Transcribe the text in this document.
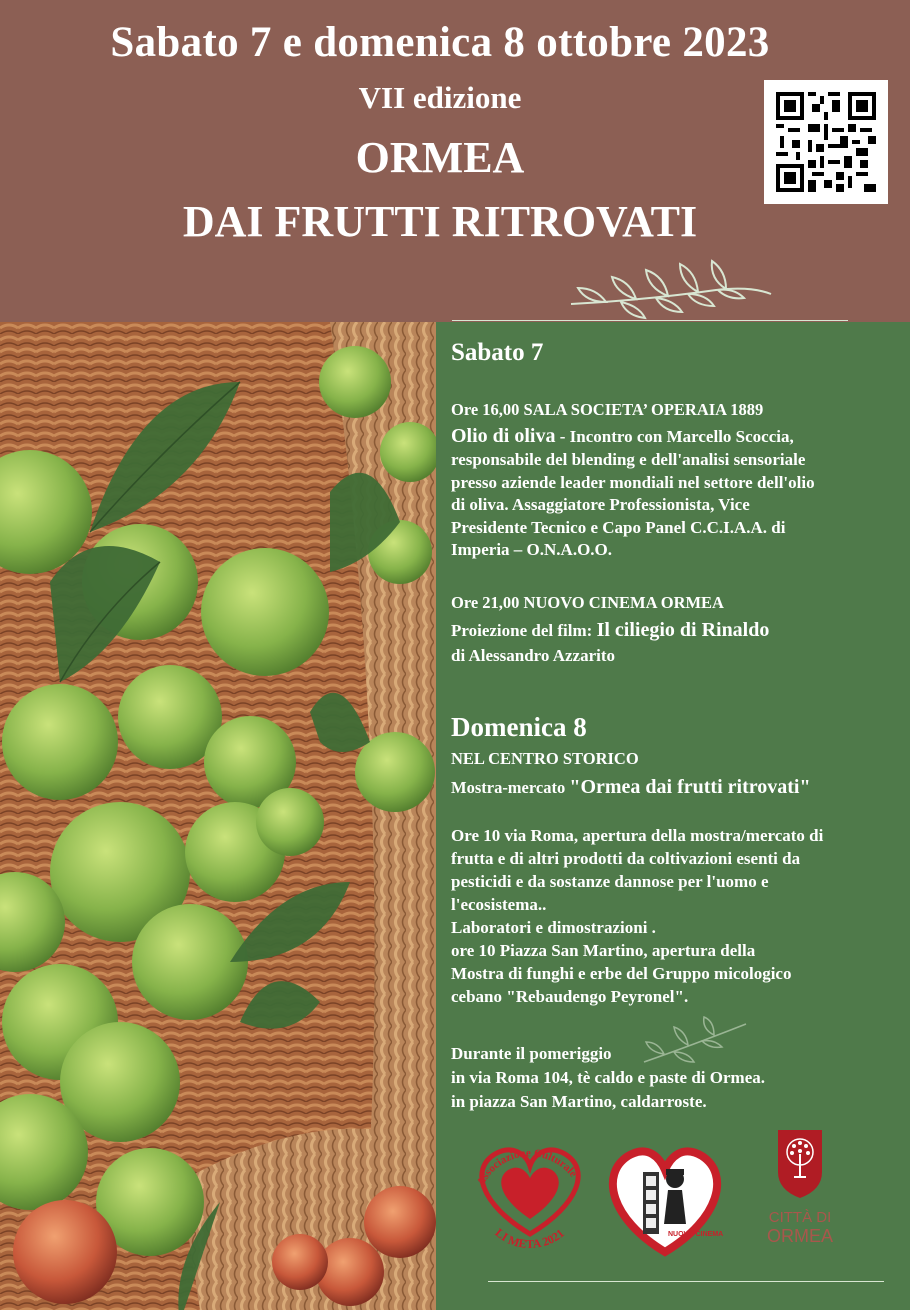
Sabato 7 e domenica 8 ottobre 2023
VII edizione
ORMEA
DAI FRUTTI RITROVATI
Sabato 7
Ore 16,00 SALA SOCIETA’ OPERAIA 1889
Olio di oliva - Incontro con Marcello Scoccia,
responsabile del blending e dell'analisi sensoriale
presso aziende leader mondiali nel settore dell'olio
di oliva. Assaggiatore Professionista, Vice
Presidente Tecnico e Capo Panel C.C.I.A.A. di
Imperia – O.N.A.O.O.
Ore 21,00 NUOVO CINEMA ORMEA
Proiezione del film: Il ciliegio di Rinaldo
di Alessandro Azzarito
Domenica 8
NEL CENTRO STORICO
Mostra-mercato "Ormea dai frutti ritrovati"
Ore 10 via Roma, apertura della mostra/mercato di
frutta e di altri prodotti da coltivazioni esenti da
pesticidi e da sostanze dannose per l'uomo e
l'ecosistema..
Laboratori e dimostrazioni .
ore 10 Piazza San Martino, apertura della
Mostra di funghi e erbe del Gruppo micologico
cebano "Rebaudengo Peyronel".
Durante il pomeriggio
in via Roma 104, tè caldo e paste di Ormea.
in piazza San Martino, caldarroste.
Associazione Culturale
LI META 2021	NUOVO CINEMA
CITTÀ DI
ORMEA
